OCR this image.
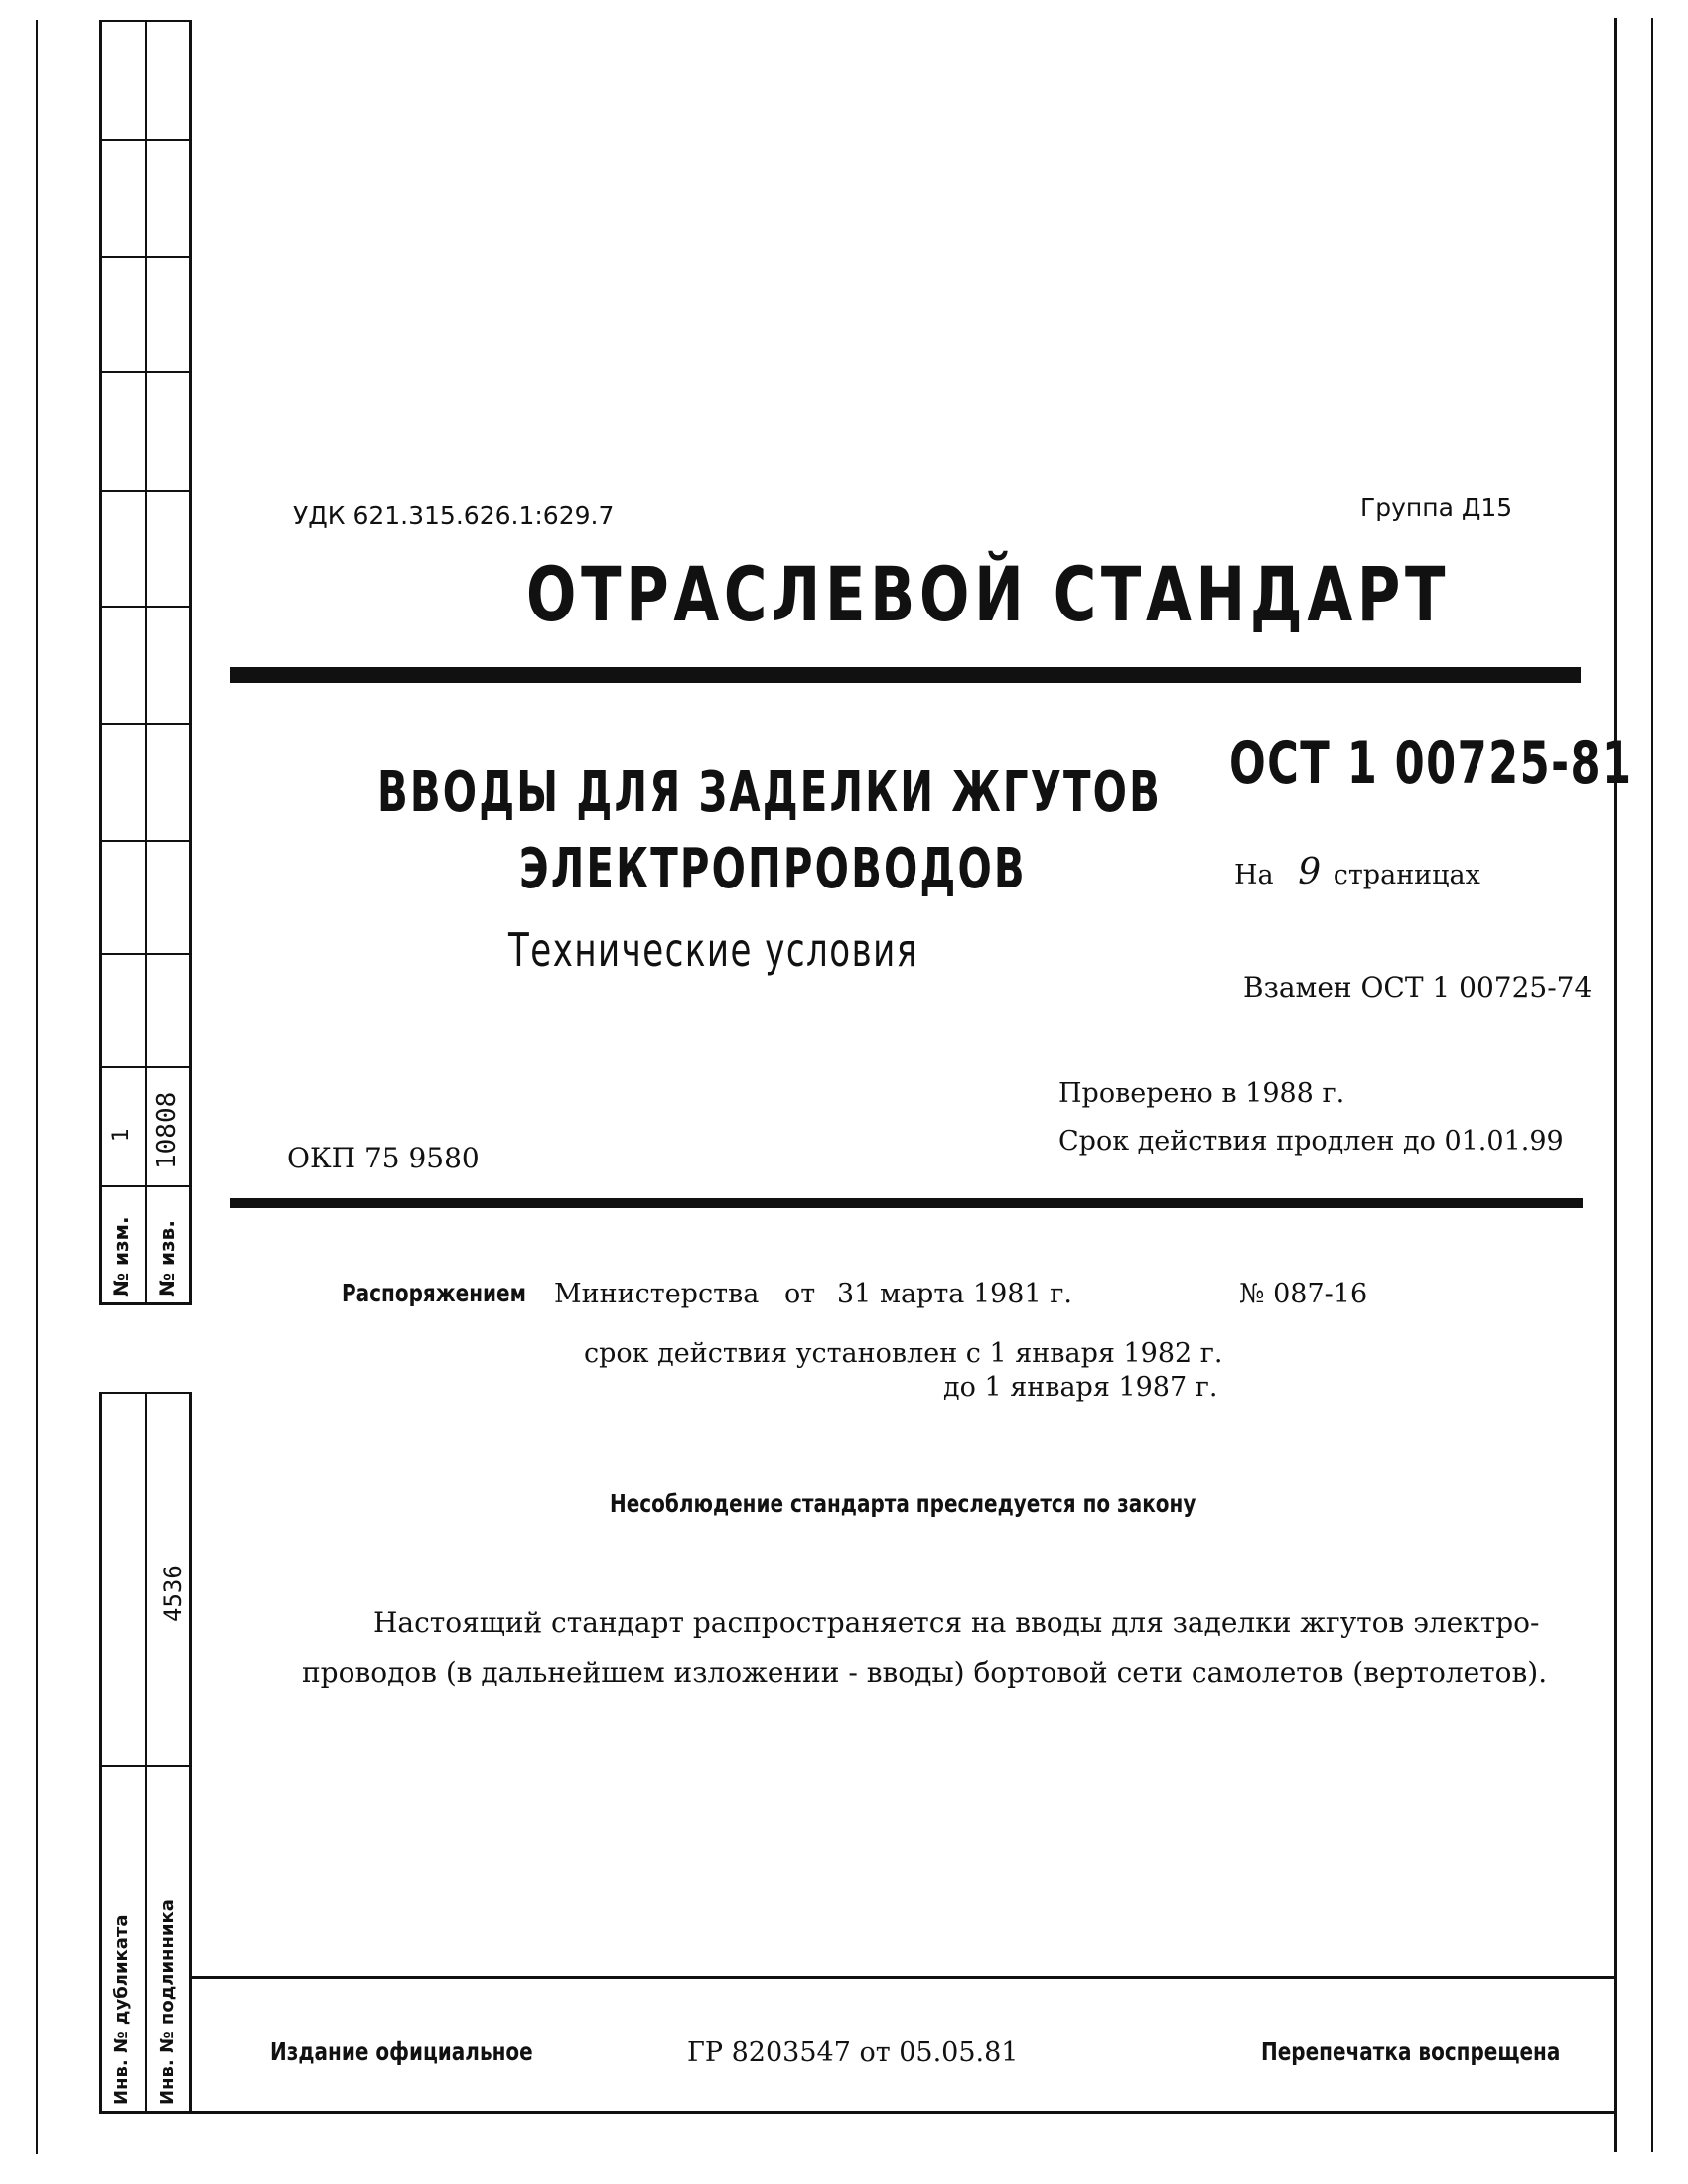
1 10808
№ изм. № изв.
4536
Инв. № дубликата Инв. № подлинника
УДК 621.315.626.1:629.7	Группа Д15
ОТРАСЛЕВОЙ СТАНДАРТ
ВВОДЫ ДЛЯ ЗАДЕЛКИ ЖГУТОВ
ЭЛЕКТРОПРОВОДОВ
Технические условия
ОСТ 1 00725-81
На 9 страницах
Взамен ОСТ 1 00725-74
Проверено в 1988 г.
Срок действия продлен до 01.01.99
ОКП 75 9580
Распоряжением	Министерства от 31 марта 1981 г.	№ 087-16
срок действия установлен с 1 января 1982 г.
до 1 января 1987 г.
Несоблюдение стандарта преследуется по закону
Настоящий стандарт распространяется на вводы для заделки жгутов электро-
проводов (в дальнейшем изложении - вводы) бортовой сети самолетов (вертолетов).
Издание официальное	ГР 8203547 от 05.05.81	Перепечатка воспрещена
